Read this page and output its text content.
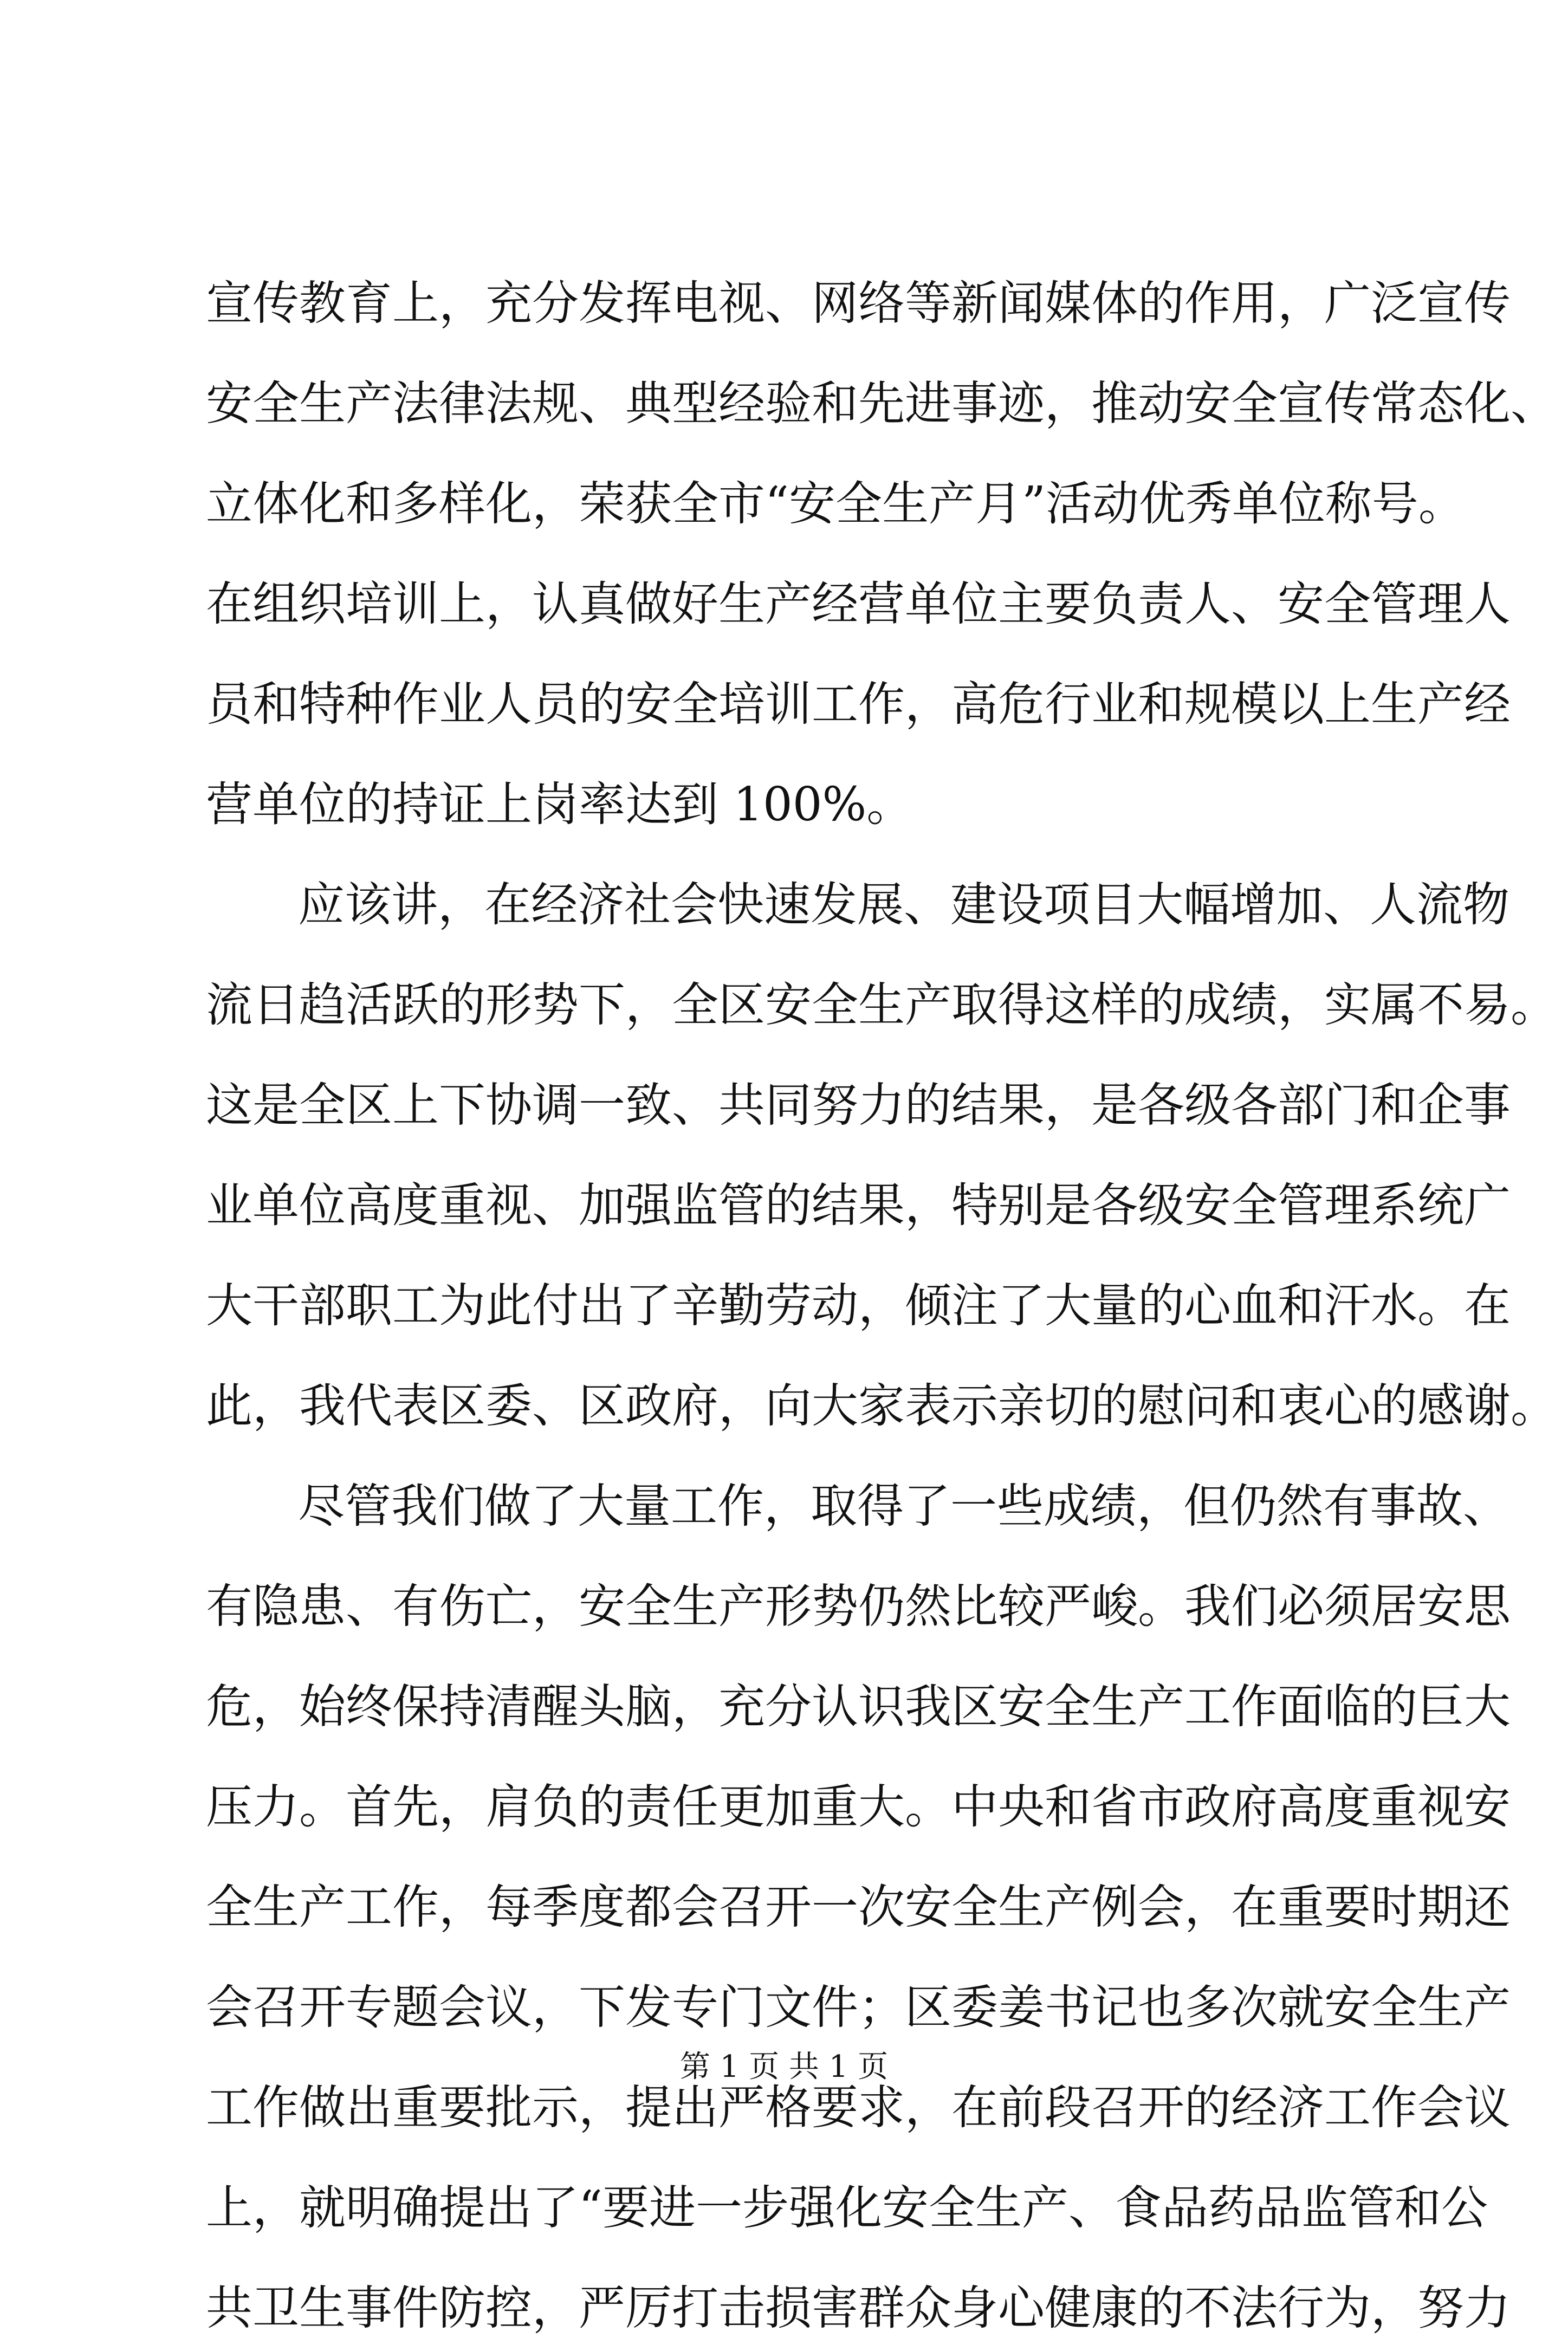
宣传教育上，充分发挥电视、网络等新闻媒体的作用，广泛宣传
安全生产法律法规、典型经验和先进事迹，推动安全宣传常态化、
立体化和多样化，荣获全市“安全生产月”活动优秀单位称号。
在组织培训上，认真做好生产经营单位主要负责人、安全管理人
员和特种作业人员的安全培训工作，高危行业和规模以上生产经
营单位的持证上岗率达到 100%。
应该讲，在经济社会快速发展、建设项目大幅增加、人流物
流日趋活跃的形势下，全区安全生产取得这样的成绩，实属不易。
这是全区上下协调一致、共同努力的结果，是各级各部门和企事
业单位高度重视、加强监管的结果，特别是各级安全管理系统广
大干部职工为此付出了辛勤劳动，倾注了大量的心血和汗水。在
此，我代表区委、区政府，向大家表示亲切的慰问和衷心的感谢。
尽管我们做了大量工作，取得了一些成绩，但仍然有事故、
有隐患、有伤亡，安全生产形势仍然比较严峻。我们必须居安思
危，始终保持清醒头脑，充分认识我区安全生产工作面临的巨大
压力。首先，肩负的责任更加重大。中央和省市政府高度重视安
全生产工作，每季度都会召开一次安全生产例会，在重要时期还
会召开专题会议，下发专门文件；区委姜书记也多次就安全生产
工作做出重要批示，提出严格要求，在前段召开的经济工作会议
上，就明确提出了“要进一步强化安全生产、食品药品监管和公
共卫生事件防控，严厉打击损害群众身心健康的不法行为，努力
第 1 页 共 1 页
